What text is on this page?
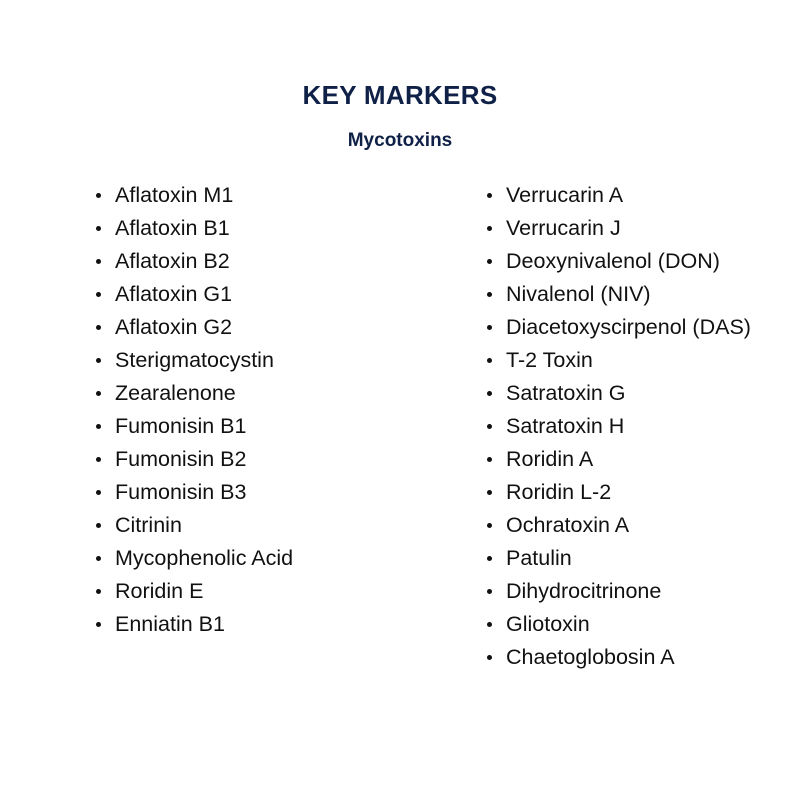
KEY MARKERS
Mycotoxins
Aflatoxin M1
Aflatoxin B1
Aflatoxin B2
Aflatoxin G1
Aflatoxin G2
Sterigmatocystin
Zearalenone
Fumonisin B1
Fumonisin B2
Fumonisin B3
Citrinin
Mycophenolic Acid
Roridin E
Enniatin B1
Verrucarin A
Verrucarin J
Deoxynivalenol (DON)
Nivalenol (NIV)
Diacetoxyscirpenol (DAS)
T-2 Toxin
Satratoxin G
Satratoxin H
Roridin A
Roridin L-2
Ochratoxin A
Patulin
Dihydrocitrinone
Gliotoxin
Chaetoglobosin A
